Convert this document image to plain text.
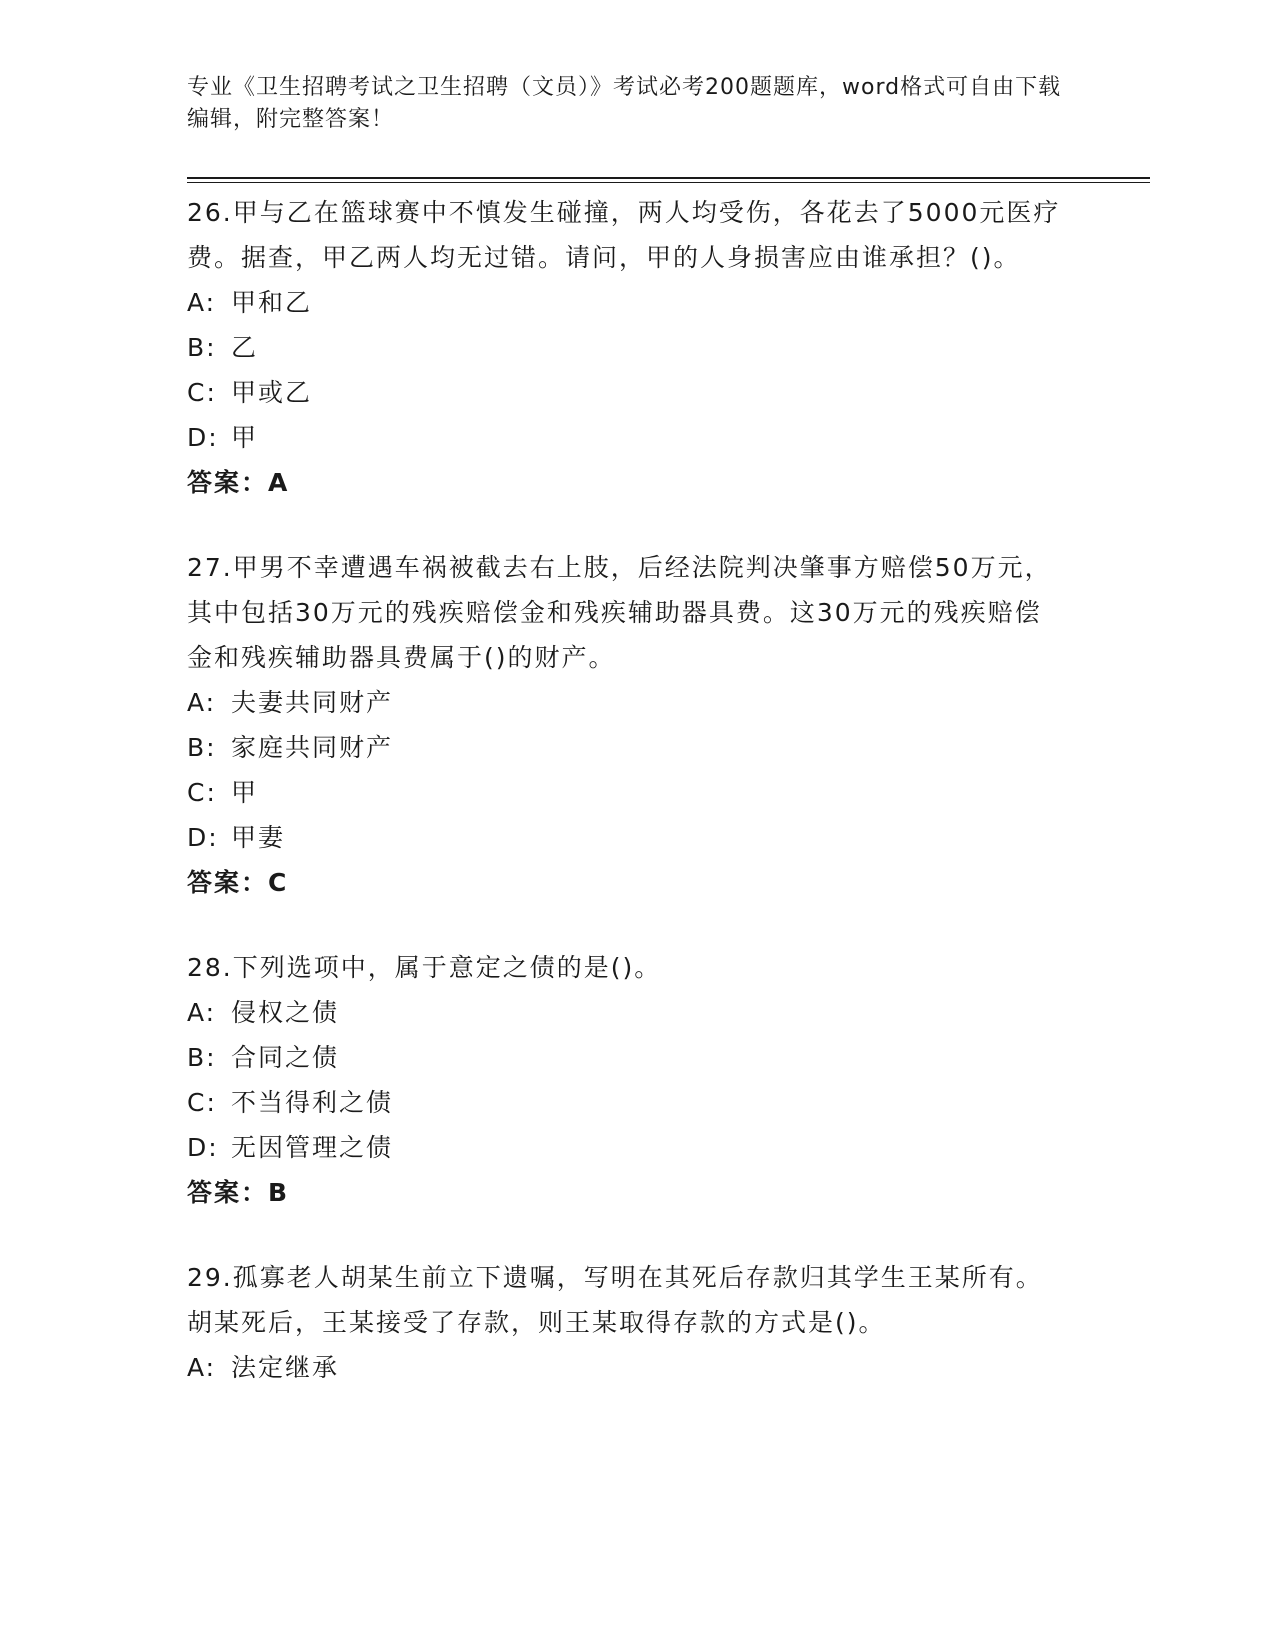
专业《卫生招聘考试之卫生招聘（文员）》考试必考200题题库，word格式可自由下载编辑，附完整答案！
26.甲与乙在篮球赛中不慎发生碰撞，两人均受伤，各花去了5000元医疗费。据查，甲乙两人均无过错。请问，甲的人身损害应由谁承担？()。
A: 甲和乙
B: 乙
C: 甲或乙
D: 甲
答案：A
27.甲男不幸遭遇车祸被截去右上肢，后经法院判决肇事方赔偿50万元，其中包括30万元的残疾赔偿金和残疾辅助器具费。这30万元的残疾赔偿金和残疾辅助器具费属于()的财产。
A: 夫妻共同财产
B: 家庭共同财产
C: 甲
D: 甲妻
答案：C
28.下列选项中，属于意定之债的是()。
A: 侵权之债
B: 合同之债
C: 不当得利之债
D: 无因管理之债
答案：B
29.孤寡老人胡某生前立下遗嘱，写明在其死后存款归其学生王某所有。胡某死后，王某接受了存款，则王某取得存款的方式是()。
A: 法定继承
